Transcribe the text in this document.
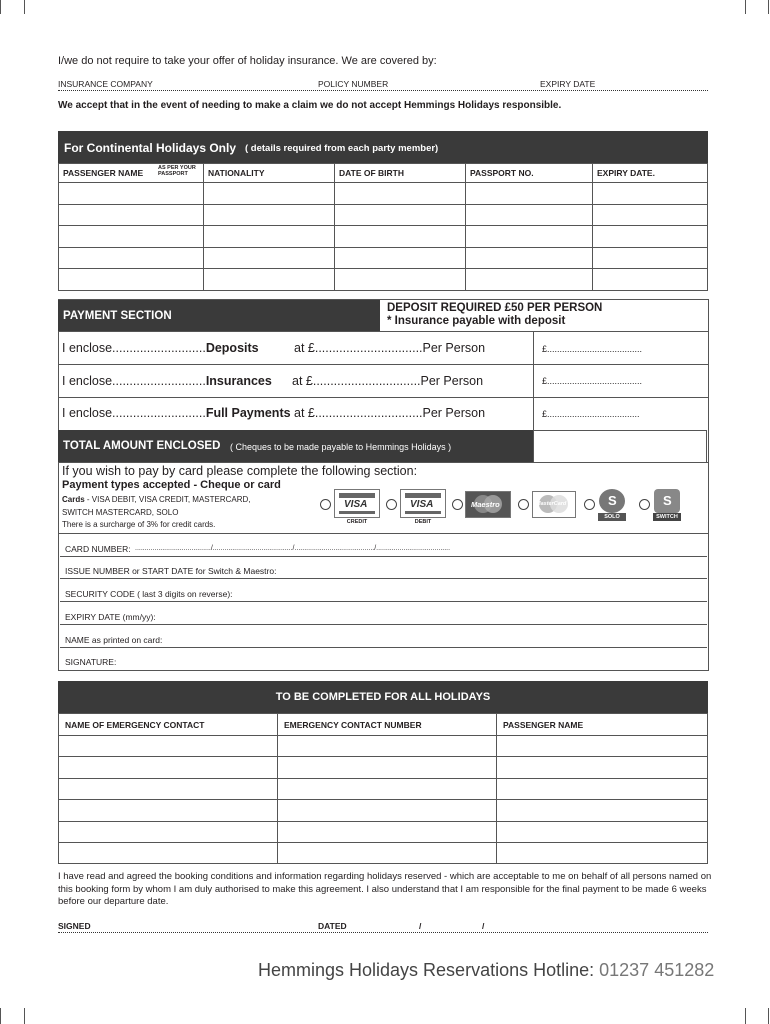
I/we do not require to take your offer of holiday insurance. We are covered by:
INSURANCE COMPANY	POLICY NUMBER	EXPIRY DATE
We accept that in the event of needing to make a claim we do not accept Hemmings Holidays responsible.
For Continental Holidays Only ( details required from each party member)
PASSENGER NAME AS PER YOUR
PASSPORT	NATIONALITY	DATE OF BIRTH	PASSPORT NO.	EXPIRY DATE.

PAYMENT SECTION
DEPOSIT REQUIRED £50 PER PERSON
* Insurance payable with deposit
I enclose...........................Deposits	at £...............................Per Person	£......................................
I enclose...........................Insurances at £...............................Per Person	£......................................
I enclose...........................Full Payments at £...............................Per Person	£.....................................
TOTAL AMOUNT ENCLOSED ( Cheques to be made payable to Hemmings Holidays )
If you wish to pay by card please complete the following section:
Payment types accepted - Cheque or card
Cards - VISA DEBIT, VISA CREDIT, MASTERCARD,
SWITCH MASTERCARD, SOLO
There is a surcharge of 3% for credit cards.
VISA
CREDIT
VISA
DEBIT
Maestro	MasterCard	S
SOLO
S
SWITCH
CARD NUMBER: ......................................./........................................./........................................./......................................
ISSUE NUMBER or START DATE for Switch & Maestro:
SECURITY CODE ( last 3 digits on reverse):
EXPIRY DATE (mm/yy):
NAME as printed on card:
SIGNATURE:
TO BE COMPLETED FOR ALL HOLIDAYS
NAME OF EMERGENCY CONTACT	EMERGENCY CONTACT NUMBER	PASSENGER NAME

I have read and agreed the booking conditions and information regarding holidays reserved - which are acceptable to me on behalf of all persons named on this booking form by whom I am duly authorised to make this agreement. I also understand that I am responsible for the final payment to be made 6 weeks before our departure date.
SIGNED	DATED	/	/
Hemmings Holidays Reservations Hotline: 01237 451282
